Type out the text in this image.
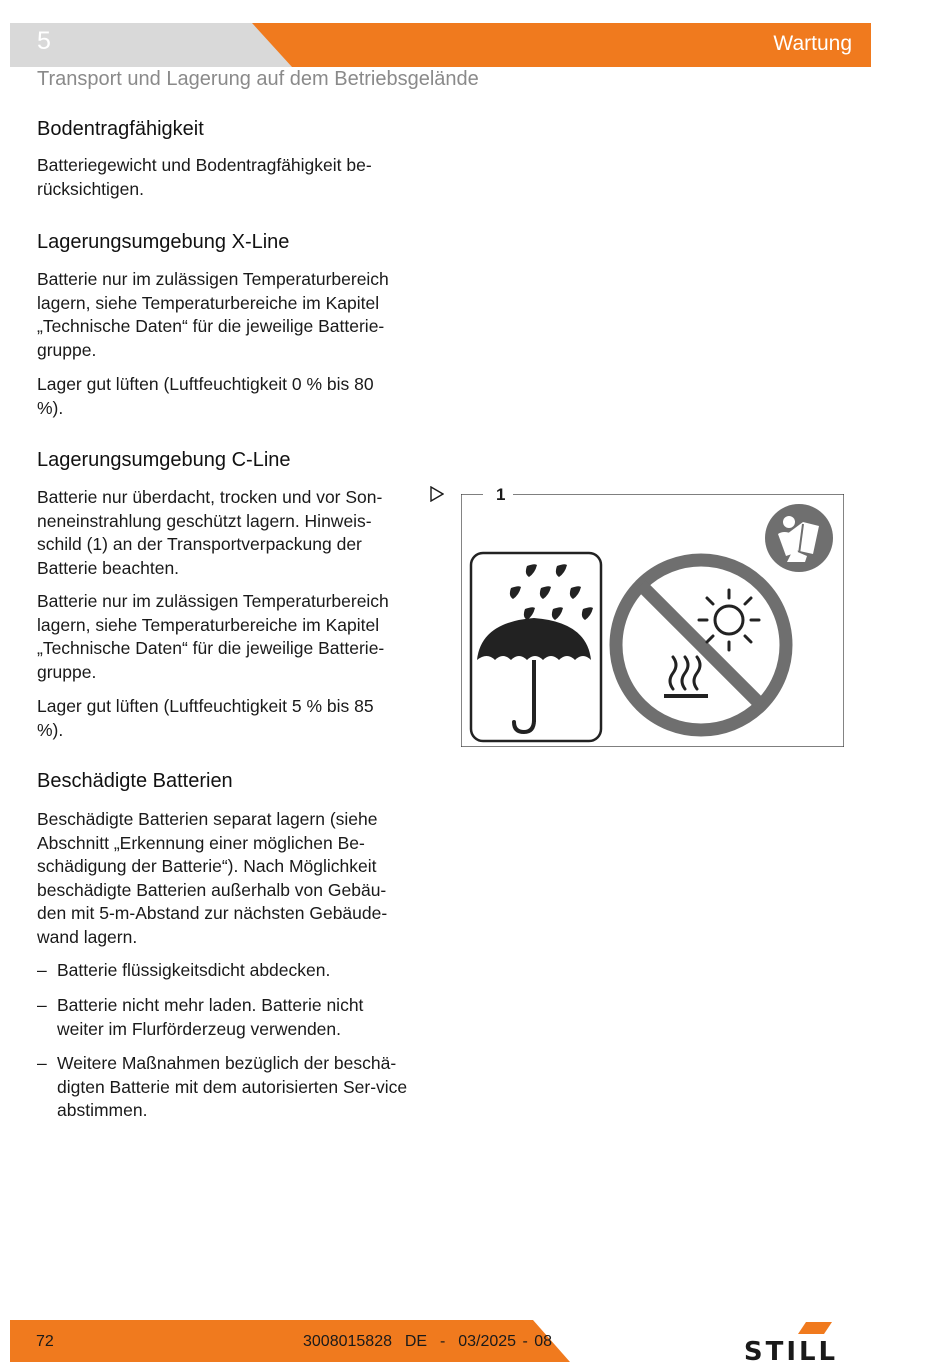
5	Wartung
Transport und Lagerung auf dem Betriebsgelände
Bodentragfähigkeit

Batteriegewicht und Bodentragfähigkeit be- rücksichtigen.

Lagerungsumgebung X-Line

Batterie nur im zulässigen Temperaturbereich lagern, siehe Temperaturbereiche im Kapitel „Technische Daten“ für die jeweilige Batterie-gruppe.

Lager gut lüften (Luftfeuchtigkeit 0 % bis 80 %).

Lagerungsumgebung C-Line

Batterie nur überdacht, trocken und vor Son-neneinstrahlung geschützt lagern. Hinweis-schild (1) an der Transportverpackung der Batterie beachten.

Batterie nur im zulässigen Temperaturbereich lagern, siehe Temperaturbereiche im Kapitel „Technische Daten“ für die jeweilige Batterie-gruppe.

Lager gut lüften (Luftfeuchtigkeit 5 % bis 85 %).

Beschädigte Batterien

Beschädigte Batterien separat lagern (siehe Abschnitt „Erkennung einer möglichen Be-schädigung der Batterie“). Nach Möglichkeit beschädigte Batterien außerhalb von Gebäu-den mit 5-m-Abstand zur nächsten Gebäude-wand lagern.

– Batterie flüssigkeitsdicht abdecken.
– Batterie nicht mehr laden. Batterie nicht weiter im Flurförderzeug verwenden.
– Weitere Maßnahmen bezüglich der beschä-digten Batterie mit dem autorisierten Ser-vice abstimmen.
1
72	3008015828  DE  -  03/2025 - 08	STILL
